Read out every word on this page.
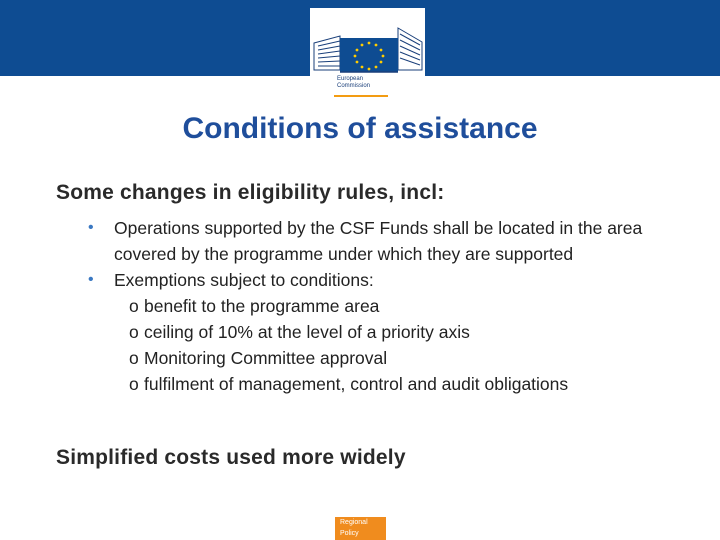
European
Commission
Conditions of assistance
Some changes in eligibility rules, incl:
• Operations supported by the CSF Funds shall be located in the area covered by the programme under which they are supported
• Exemptions subject to conditions:
o benefit to the programme area
o ceiling of 10% at the level of a priority axis
o Monitoring Committee approval
o fulfilment of management, control and audit obligations
Simplified costs used more widely
Regional
Policy
